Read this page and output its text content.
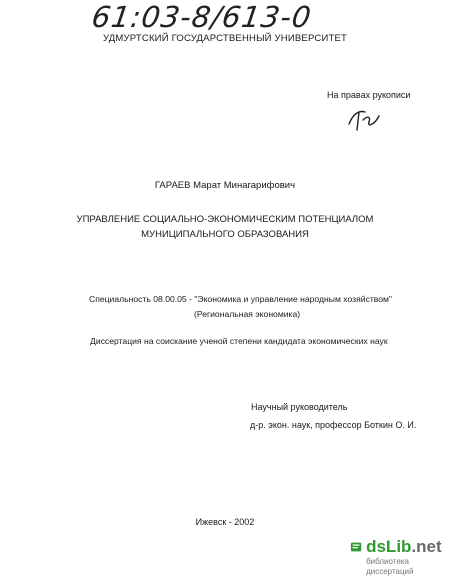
61:03-8/613-0
УДМУРТСКИЙ ГОСУДАРСТВЕННЫЙ УНИВЕРСИТЕТ
На правах рукописи
ГАРАЕВ Марат Минагарифович
УПРАВЛЕНИЕ СОЦИАЛЬНО-ЭКОНОМИЧЕСКИМ ПОТЕНЦИАЛОМ
МУНИЦИПАЛЬНОГО ОБРАЗОВАНИЯ
Специальность 08.00.05 - "Экономика и управление народным хозяйством"
(Региональная экономика)
Диссертация на соискание ученой степени кандидата экономических наук
Научный руководитель
д-р. экон. наук, профессор Боткин О. И.
Ижевск - 2002
dsLib.net
библиотека диссертаций
